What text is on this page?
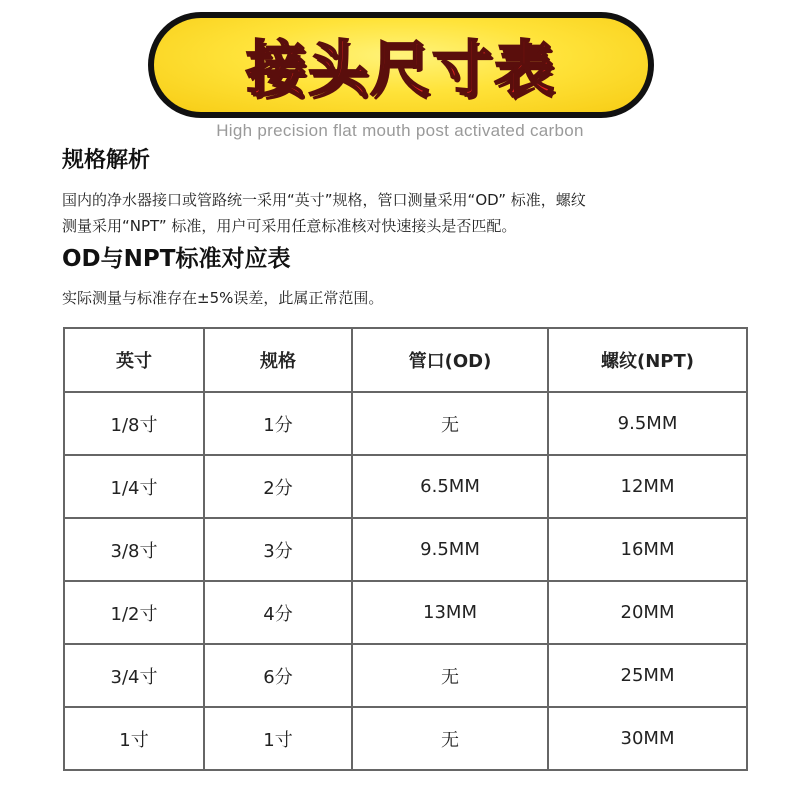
接头尺寸表
High precision flat mouth post activated carbon
规格解析
国内的净水器接口或管路统一采用“英寸”规格，管口测量采用“OD” 标准，螺纹
测量采用“NPT” 标准，用户可采用任意标准核对快速接头是否匹配。
OD与NPT标准对应表
实际测量与标准存在±5%误差，此属正常范围。
英寸	规格	管口(OD)	螺纹(NPT)
1/8寸	1分	无	9.5MM
1/4寸	2分	6.5MM	12MM
3/8寸	3分	9.5MM	16MM
1/2寸	4分	13MM	20MM
3/4寸	6分	无	25MM
1寸	1寸	无	30MM
